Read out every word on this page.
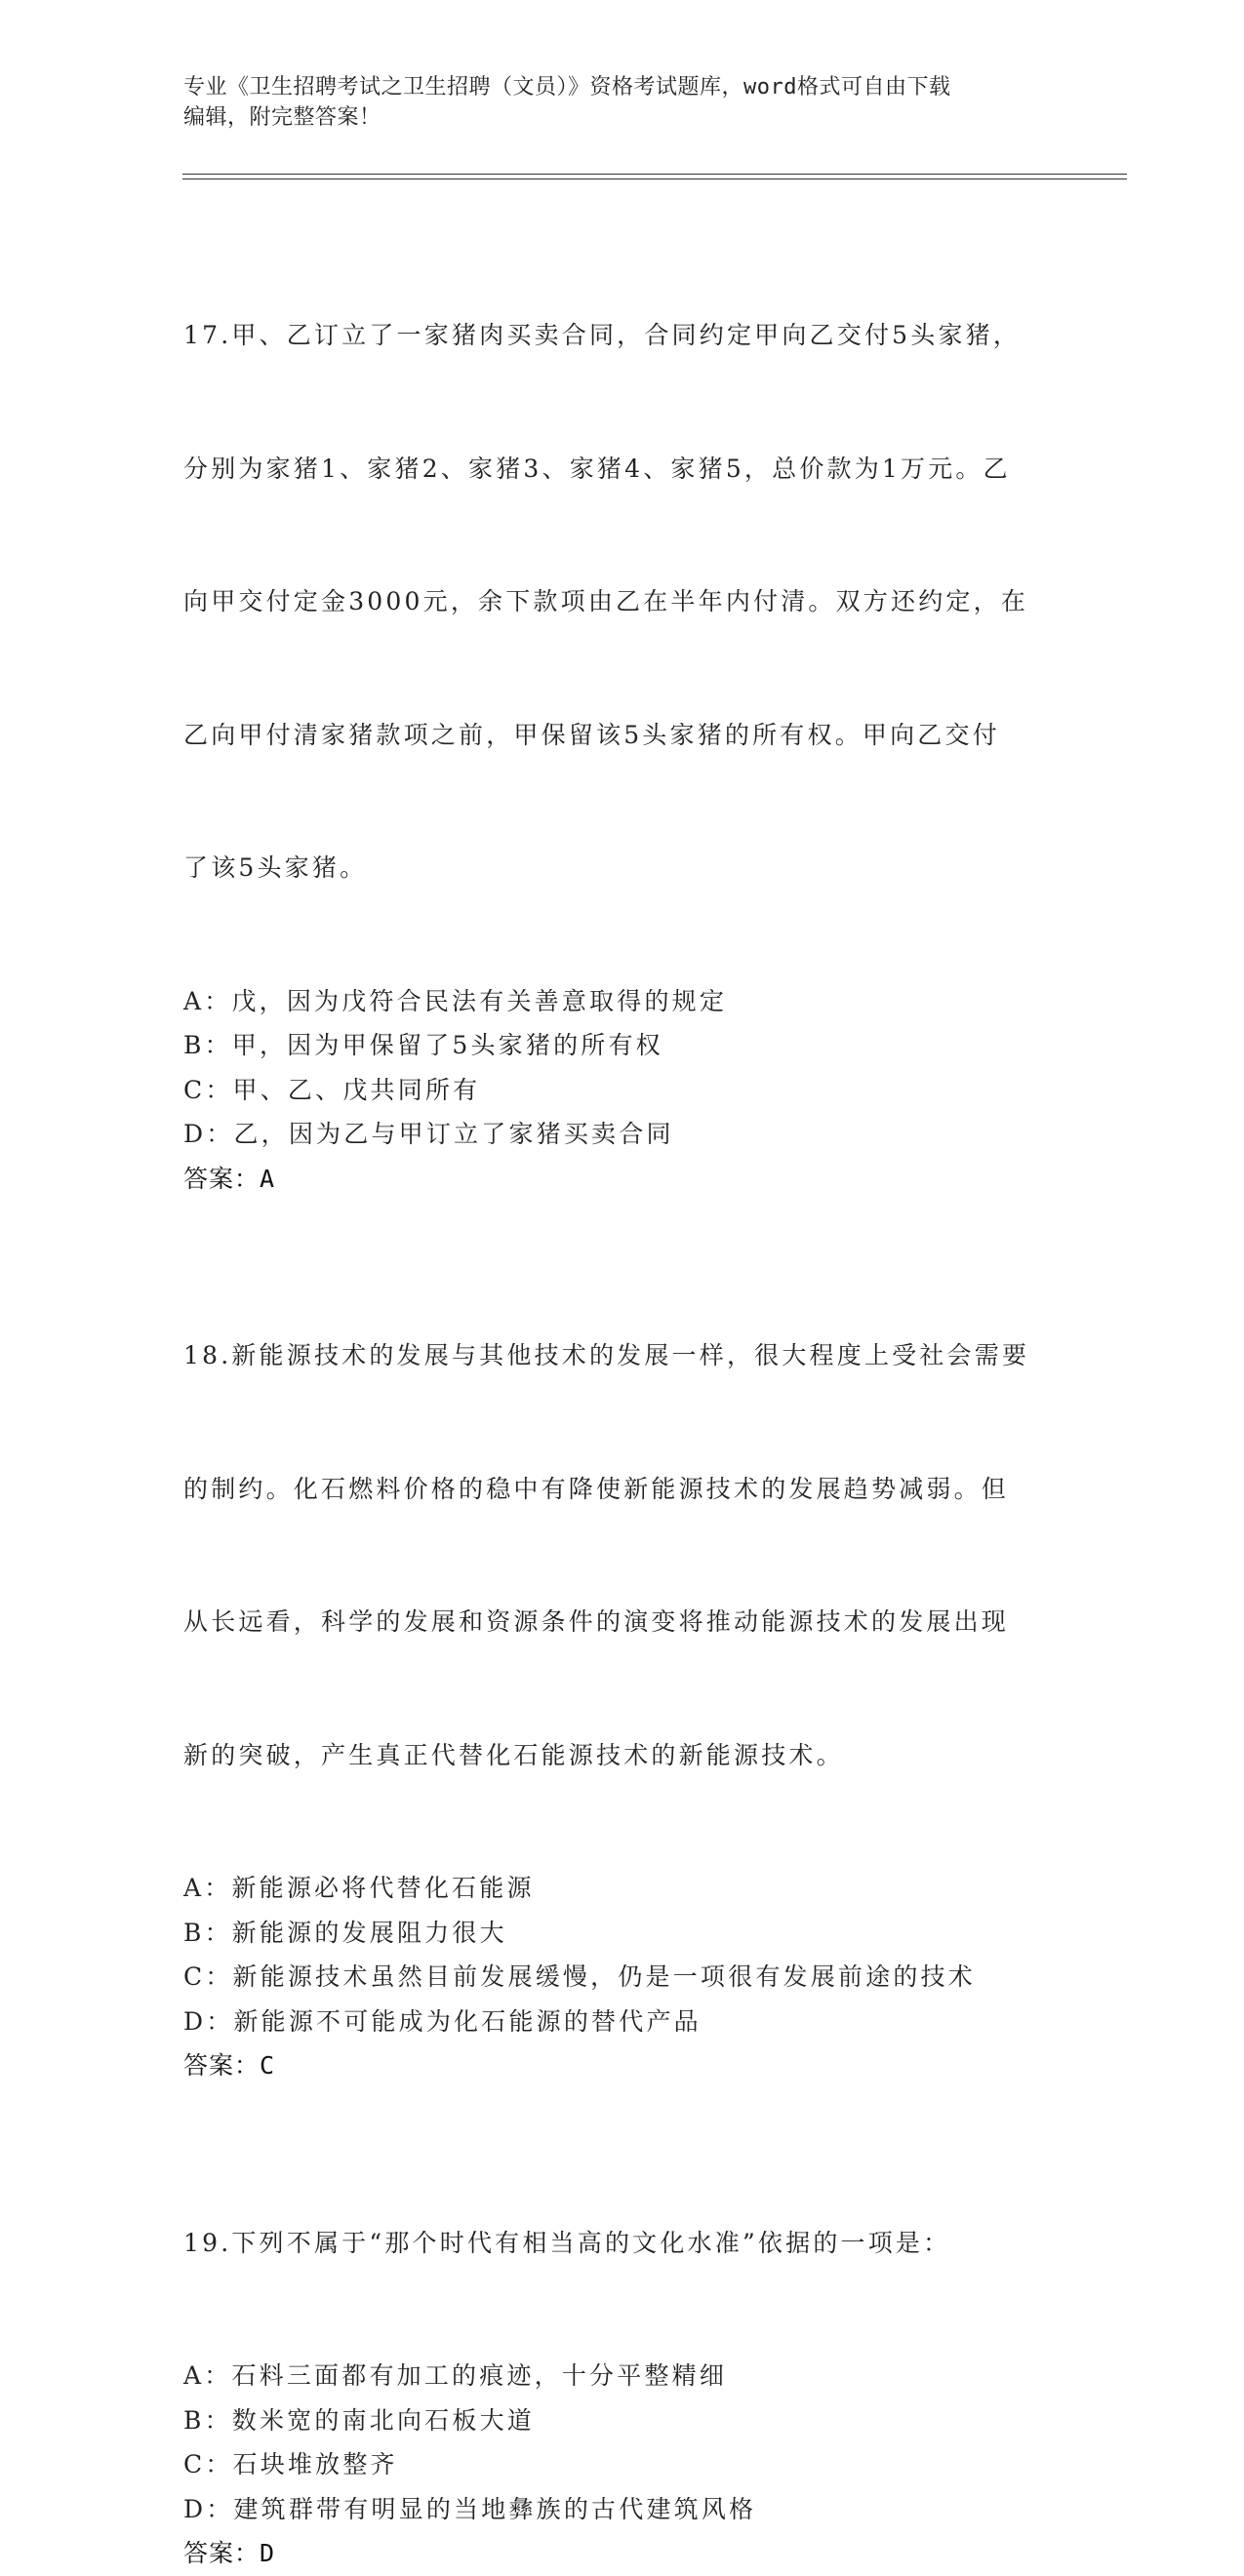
专业《卫生招聘考试之卫生招聘（文员）》资格考试题库，word格式可自由下载
编辑，附完整答案！

17.甲、乙订立了一家猪肉买卖合同，合同约定甲向乙交付5头家猪，

分别为家猪1、家猪2、家猪3、家猪4、家猪5，总价款为1万元。乙

向甲交付定金3000元，余下款项由乙在半年内付清。双方还约定，在

乙向甲付清家猪款项之前，甲保留该5头家猪的所有权。甲向乙交付

了该5头家猪。

A：戊，因为戊符合民法有关善意取得的规定
B：甲，因为甲保留了5头家猪的所有权
C：甲、乙、戊共同所有
D：乙，因为乙与甲订立了家猪买卖合同
答案：A

18.新能源技术的发展与其他技术的发展一样，很大程度上受社会需要

的制约。化石燃料价格的稳中有降使新能源技术的发展趋势减弱。但

从长远看，科学的发展和资源条件的演变将推动能源技术的发展出现

新的突破，产生真正代替化石能源技术的新能源技术。

A：新能源必将代替化石能源
B：新能源的发展阻力很大
C：新能源技术虽然目前发展缓慢，仍是一项很有发展前途的技术
D：新能源不可能成为化石能源的替代产品
答案：C

19.下列不属于“那个时代有相当高的文化水准”依据的一项是：

A：石料三面都有加工的痕迹，十分平整精细
B：数米宽的南北向石板大道
C：石块堆放整齐
D：建筑群带有明显的当地彝族的古代建筑风格
答案：D
